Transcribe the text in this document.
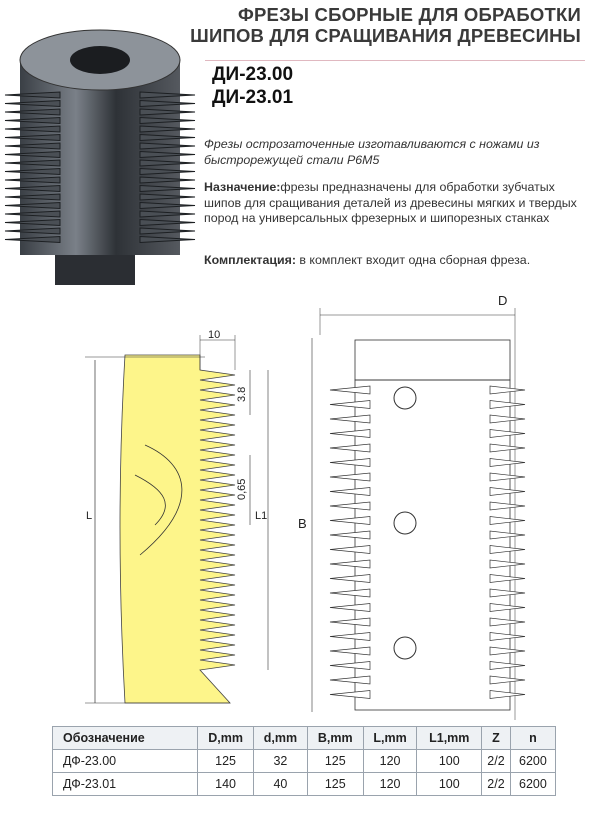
ФРЕЗЫ СБОРНЫЕ ДЛЯ ОБРАБОТКИ
ШИПОВ ДЛЯ СРАЩИВАНИЯ ДРЕВЕСИНЫ
ДИ-23.00
ДИ-23.01
Фрезы острозаточенные изготавливаются с ножами из быстрорежущей стали Р6М5
Назначение:фрезы предназначены для обработки зубчатых шипов для сращивания деталей из древесины мягких и твердых пород на универсальных фрезерных и шипорезных станках
Комплектация: в комплект входит одна сборная фреза.
10
3.8
0,65
L	L1
D
B
Обозначение	D,mm	d,mm	B,mm	L,mm	L1,mm	Z	n
ДФ-23.00	125	32	125	120	100	2/2	6200
ДФ-23.01	140	40	125	120	100	2/2	6200
